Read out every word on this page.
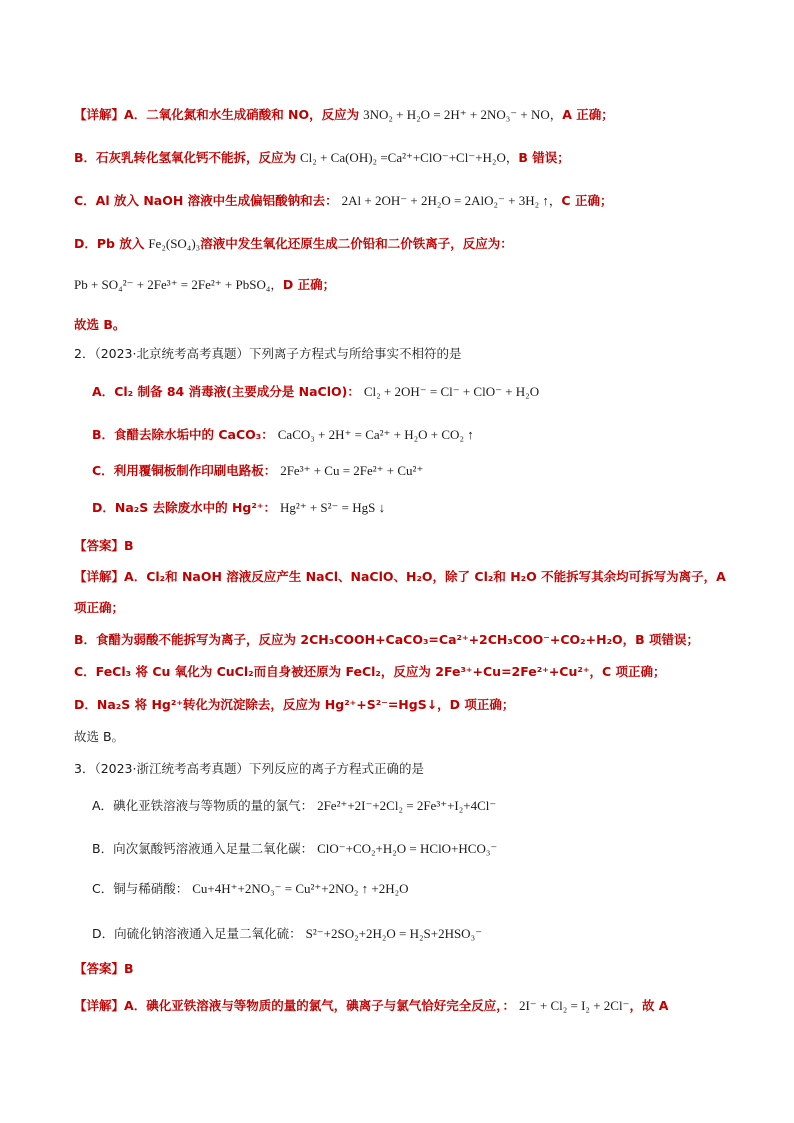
【详解】A．二氧化氮和水生成硝酸和 NO，反应为 3NO₂ + H₂O = 2H⁺ + 2NO₃⁻ + NO，A 正确；
B．石灰乳转化氢氧化钙不能拆，反应为 Cl₂ + Ca(OH)₂ =Ca²⁺+ClO⁻+Cl⁻+H₂O，B 错误；
C．Al 放入 NaOH 溶液中生成偏铝酸钠和去： 2Al + 2OH⁻ + 2H₂O = 2AlO₂⁻ + 3H₂ ↑，C 正确；
D．Pb 放入 Fe₂(SO₄)₃溶液中发生氧化还原生成二价铅和二价铁离子，反应为：
Pb + SO₄²⁻ + 2Fe³⁺ = 2Fe²⁺ + PbSO₄，D 正确；
故选 B。
2．（2023·北京统考高考真题）下列离子方程式与所给事实不相符的是
A．Cl₂ 制备 84 消毒液(主要成分是 NaClO)： Cl₂ + 2OH⁻ = Cl⁻ + ClO⁻ + H₂O
B．食醋去除水垢中的 CaCO₃： CaCO₃ + 2H⁺ = Ca²⁺ + H₂O + CO₂ ↑
C．利用覆铜板制作印刷电路板： 2Fe³⁺ + Cu = 2Fe²⁺ + Cu²⁺
D．Na₂S 去除废水中的 Hg²⁺： Hg²⁺ + S²⁻ = HgS ↓
【答案】B
【详解】A．Cl₂和 NaOH 溶液反应产生 NaCl、NaClO、H₂O，除了 Cl₂和 H₂O 不能拆写其余均可拆写为离子，A
项正确；
B．食醋为弱酸不能拆写为离子，反应为 2CH₃COOH+CaCO₃=Ca²⁺+2CH₃COO⁻+CO₂+H₂O，B 项错误；
C．FeCl₃ 将 Cu 氧化为 CuCl₂而自身被还原为 FeCl₂，反应为 2Fe³⁺+Cu=2Fe²⁺+Cu²⁺，C 项正确；
D．Na₂S 将 Hg²⁺转化为沉淀除去，反应为 Hg²⁺+S²⁻=HgS↓，D 项正确；
故选 B。
3．（2023·浙江统考高考真题）下列反应的离子方程式正确的是
A．碘化亚铁溶液与等物质的量的氯气： 2Fe²⁺+2I⁻+2Cl₂ = 2Fe³⁺+I₂+4Cl⁻
B．向次氯酸钙溶液通入足量二氧化碳： ClO⁻+CO₂+H₂O = HClO+HCO₃⁻
C．铜与稀硝酸： Cu+4H⁺+2NO₃⁻ = Cu²⁺+2NO₂ ↑ +2H₂O
D．向硫化钠溶液通入足量二氧化硫： S²⁻+2SO₂+2H₂O = H₂S+2HSO₃⁻
【答案】B
【详解】A．碘化亚铁溶液与等物质的量的氯气，碘离子与氯气恰好完全反应，： 2I⁻ + Cl₂ = I₂ + 2Cl⁻，故 A
